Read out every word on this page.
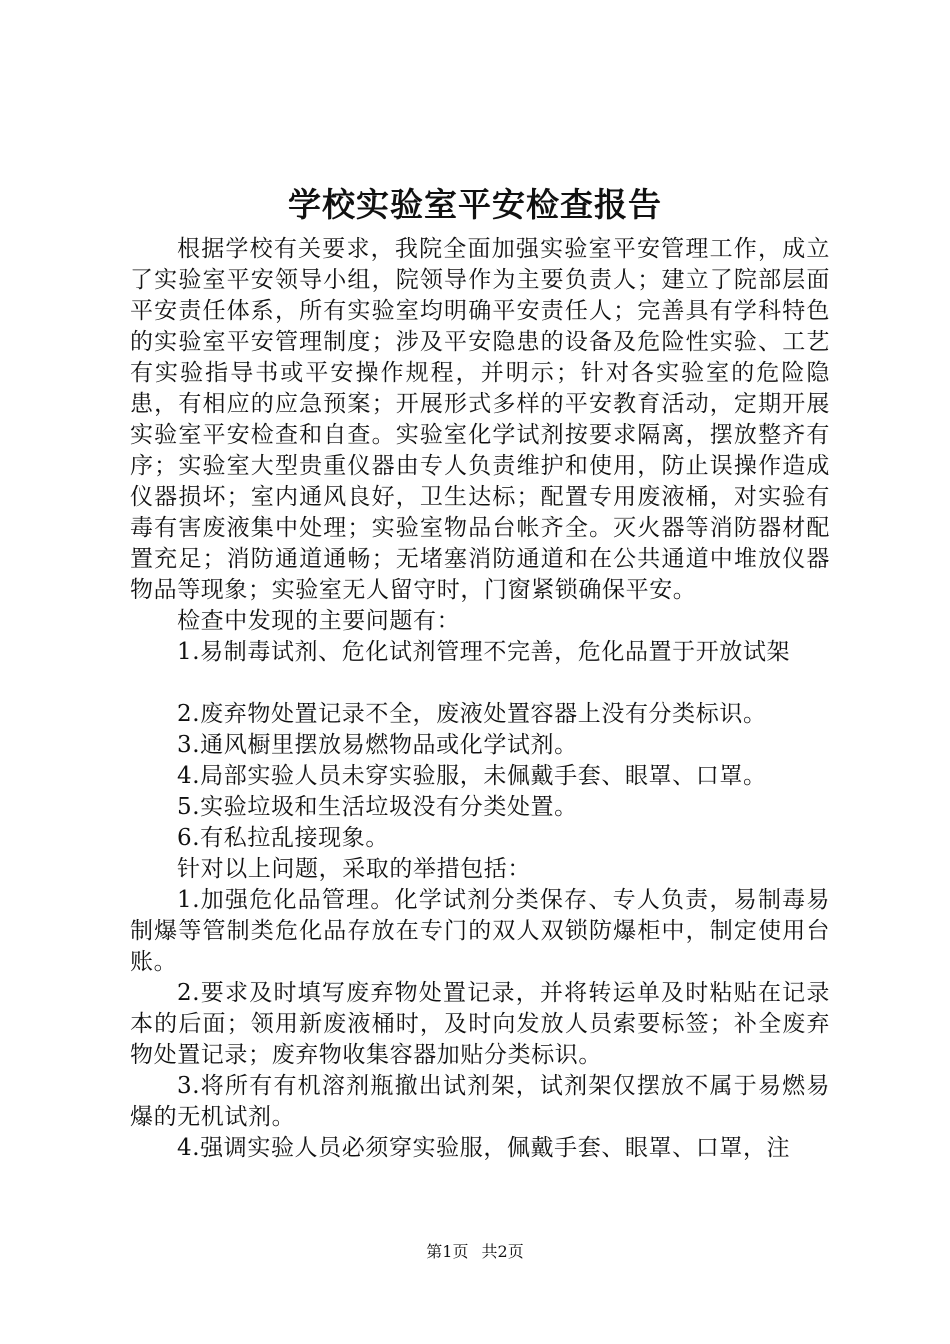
学校实验室平安检查报告

根据学校有关要求，我院全面加强实验室平安管理工作，成立了实验室平安领导小组，院领导作为主要负责人；建立了院部层面平安责任体系，所有实验室均明确平安责任人；完善具有学科特色的实验室平安管理制度；涉及平安隐患的设备及危险性实验、工艺有实验指导书或平安操作规程，并明示；针对各实验室的危险隐患，有相应的应急预案；开展形式多样的平安教育活动，定期开展实验室平安检查和自查。实验室化学试剂按要求隔离，摆放整齐有序；实验室大型贵重仪器由专人负责维护和使用，防止误操作造成仪器损坏；室内通风良好，卫生达标；配置专用废液桶，对实验有毒有害废液集中处理；实验室物品台帐齐全。灭火器等消防器材配置充足；消防通道通畅；无堵塞消防通道和在公共通道中堆放仪器物品等现象；实验室无人留守时，门窗紧锁确保平安。

检查中发现的主要问题有：

1.易制毒试剂、危化试剂管理不完善，危化品置于开放试架

2.废弃物处置记录不全，废液处置容器上没有分类标识。

3.通风橱里摆放易燃物品或化学试剂。

4.局部实验人员未穿实验服，未佩戴手套、眼罩、口罩。

5.实验垃圾和生活垃圾没有分类处置。

6.有私拉乱接现象。

针对以上问题，采取的举措包括：

1.加强危化品管理。化学试剂分类保存、专人负责，易制毒易制爆等管制类危化品存放在专门的双人双锁防爆柜中，制定使用台账。

2.要求及时填写废弃物处置记录，并将转运单及时粘贴在记录本的后面；领用新废液桶时，及时向发放人员索要标签；补全废弃物处置记录；废弃物收集容器加贴分类标识。

3.将所有有机溶剂瓶撤出试剂架，试剂架仅摆放不属于易燃易爆的无机试剂。

4.强调实验人员必须穿实验服，佩戴手套、眼罩、口罩，注

第1页 共2页
